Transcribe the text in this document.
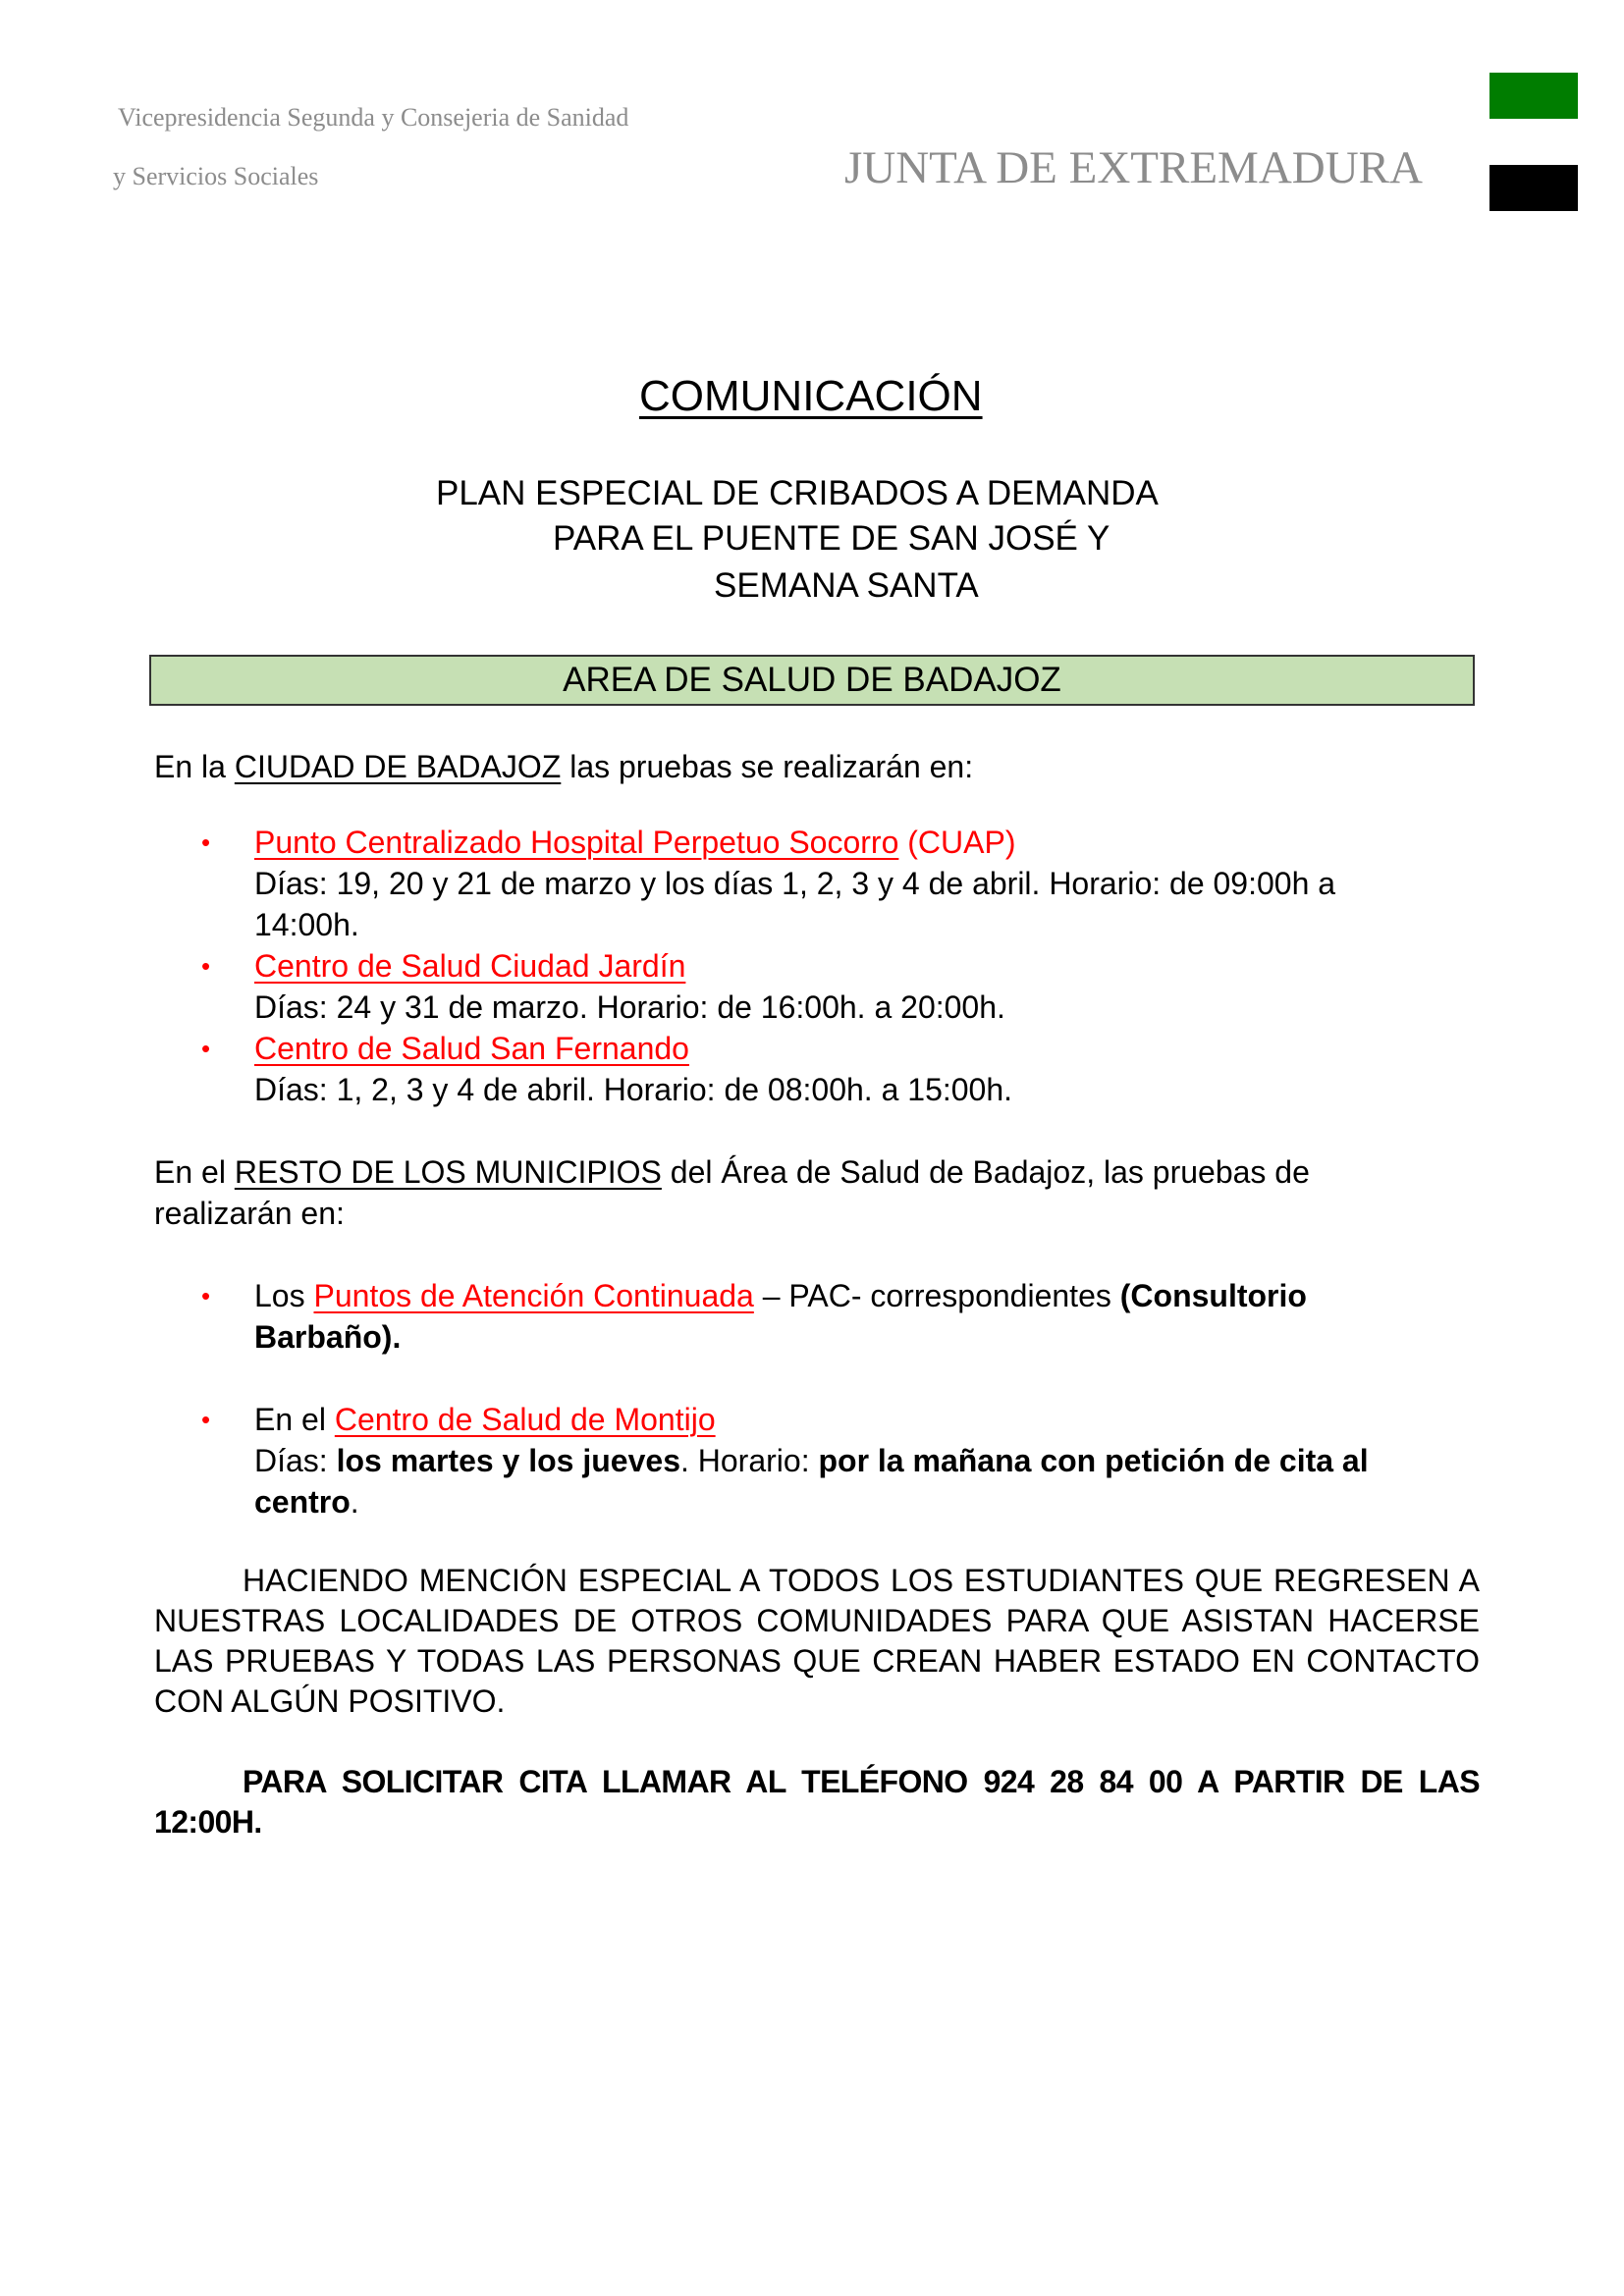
Vicepresidencia Segunda y Consejeria de Sanidad
y Servicios Sociales	JUNTA DE EXTREMADURA
COMUNICACIÓN
PLAN ESPECIAL DE CRIBADOS A DEMANDA
PARA EL PUENTE DE SAN JOSÉ Y
SEMANA SANTA
AREA DE SALUD DE BADAJOZ
En la CIUDAD DE BADAJOZ las pruebas se realizarán en:
• Punto Centralizado Hospital Perpetuo Socorro (CUAP)
Días: 19, 20 y 21 de marzo y los días 1, 2, 3 y 4 de abril. Horario: de 09:00h a
14:00h.
• Centro de Salud Ciudad Jardín
Días: 24 y 31 de marzo. Horario: de 16:00h. a 20:00h.
• Centro de Salud San Fernando
Días: 1, 2, 3 y 4 de abril. Horario: de 08:00h. a 15:00h.
En el RESTO DE LOS MUNICIPIOS del Área de Salud de Badajoz, las pruebas de
realizarán en:
• Los Puntos de Atención Continuada – PAC- correspondientes (Consultorio
Barbaño).
• En el Centro de Salud de Montijo
Días: los martes y los jueves. Horario: por la mañana con petición de cita al
centro.
HACIENDO MENCIÓN ESPECIAL A TODOS LOS ESTUDIANTES QUE REGRESEN A NUESTRAS LOCALIDADES DE OTROS COMUNIDADES PARA QUE ASISTAN HACERSE LAS PRUEBAS Y TODAS LAS PERSONAS QUE CREAN HABER ESTADO EN CONTACTO CON ALGÚN POSITIVO.
PARA SOLICITAR CITA LLAMAR AL TELÉFONO 924 28 84 00 A PARTIR DE LAS 12:00H.
